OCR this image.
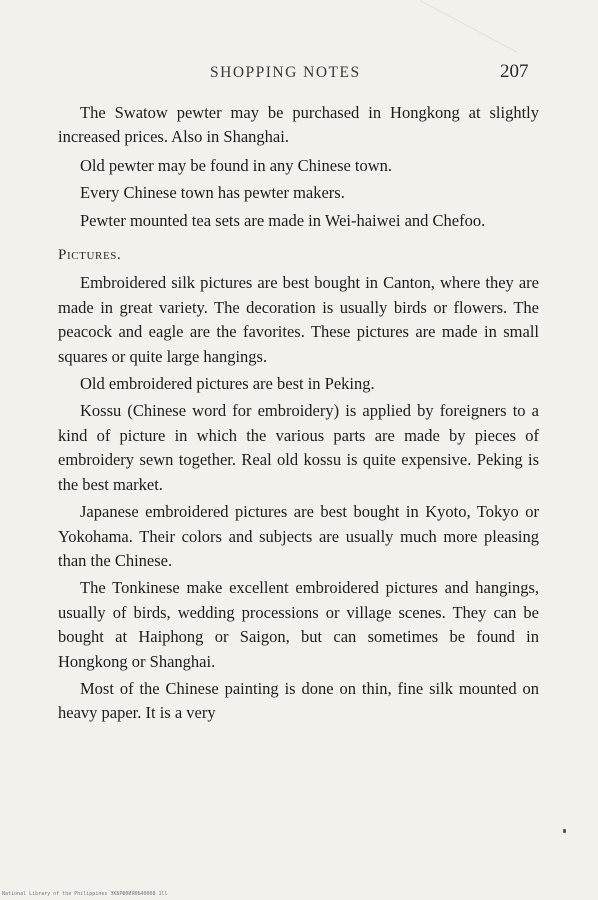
SHOPPING NOTES	207

The Swatow pewter may be purchased in Hongkong at slightly increased prices. Also in Shanghai.

Old pewter may be found in any Chinese town.

Every Chinese town has pewter makers.

Pewter mounted tea sets are made in Wei-haiwei and Chefoo.

Pictures.

Embroidered silk pictures are best bought in Canton, where they are made in great variety. The decoration is usually birds or flowers. The peacock and eagle are the favorites. These pictures are made in small squares or quite large hangings.

Old embroidered pictures are best in Peking.

Kossu (Chinese word for embroidery) is applied by foreigners to a kind of picture in which the various parts are made by pieces of embroidery sewn together. Real old kossu is quite expensive. Peking is the best market.

Japanese embroidered pictures are best bought in Kyoto, Tokyo or Yokohama. Their colors and subjects are usually much more pleasing than the Chinese.

The Tonkinese make excellent embroidered pictures and hangings, usually of birds, wedding processions or village scenes. They can be bought at Haiphong or Saigon, but can sometimes be found in Hongkong or Shanghai.

Most of the Chinese painting is done on thin, fine silk mounted on heavy paper. It is a very

National Library of the Philippines ЭКБРФ0ИЯ0Б40008 1ll
